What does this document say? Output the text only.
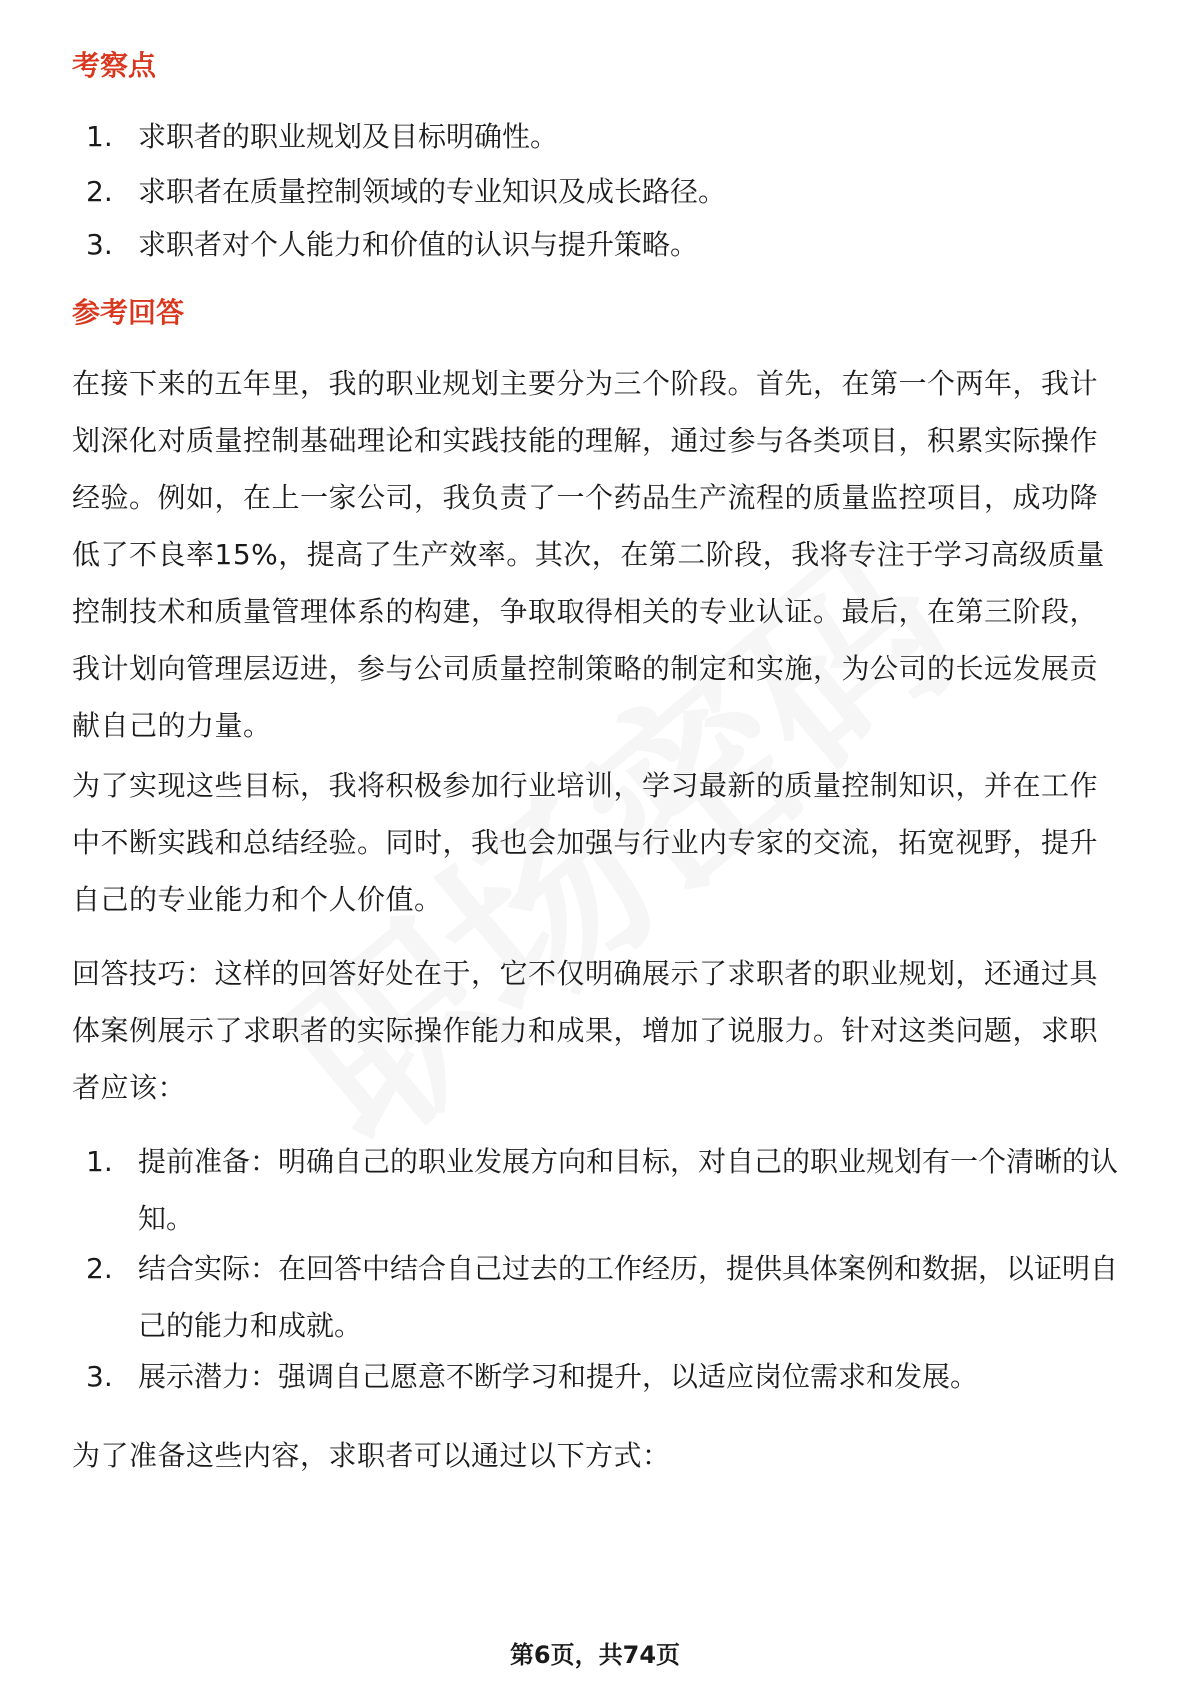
考察点
1. 求职者的职业规划及目标明确性。
2. 求职者在质量控制领域的专业知识及成长路径。
3. 求职者对个人能力和价值的认识与提升策略。
参考回答

在接下来的五年里，我的职业规划主要分为三个阶段。首先，在第一个两年，我计划深化对质量控制基础理论和实践技能的理解，通过参与各类项目，积累实际操作经验。例如，在上一家公司，我负责了一个药品生产流程的质量监控项目，成功降低了不良率15%，提高了生产效率。其次，在第二阶段，我将专注于学习高级质量控制技术和质量管理体系的构建，争取取得相关的专业认证。最后，在第三阶段，我计划向管理层迈进，参与公司质量控制策略的制定和实施，为公司的长远发展贡献自己的力量。

为了实现这些目标，我将积极参加行业培训，学习最新的质量控制知识，并在工作中不断实践和总结经验。同时，我也会加强与行业内专家的交流，拓宽视野，提升自己的专业能力和个人价值。

回答技巧：这样的回答好处在于，它不仅明确展示了求职者的职业规划，还通过具体案例展示了求职者的实际操作能力和成果，增加了说服力。针对这类问题，求职者应该：

1. 提前准备：明确自己的职业发展方向和目标，对自己的职业规划有一个清晰的认知。
2. 结合实际：在回答中结合自己过去的工作经历，提供具体案例和数据，以证明自己的能力和成就。
3. 展示潜力：强调自己愿意不断学习和提升，以适应岗位需求和发展。

为了准备这些内容，求职者可以通过以下方式：

第6页，共74页
